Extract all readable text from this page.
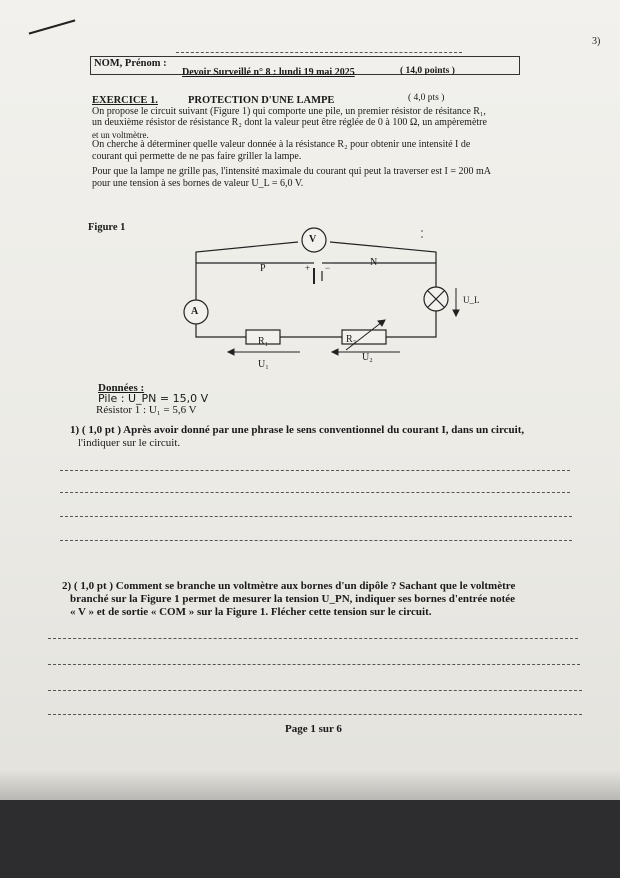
3)
NOM, Prénom :
Devoir Surveillé n° 8 : lundi 19 mai 2025	( 14,0 points )
EXERCICE 1.	PROTECTION D'UNE LAMPE	( 4,0 pts )
On propose le circuit suivant (Figure 1) qui comporte une pile, un premier résistor de résitance R₁,
un deuxième résistor de résistance R₂ dont la valeur peut être réglée de 0 à 100 Ω, un ampèremètre
et un voltmètre.
On cherche à déterminer quelle valeur donnée à la résistance R₂ pour obtenir une intensité I de
courant qui permette de ne pas faire griller la lampe.
Pour que la lampe ne grille pas, l'intensité maximale du courant qui peut la traverser est I = 200 mA
pour une tension à ses bornes de valeur U_L = 6,0 V.
Figure 1
V
P	+ −	N
A
U_L
R₁	R₂
U₁
U₂
Données :
Pile : U_PN = 15,0 V
Résistor 1 : U₁ = 5,6 V
1) ( 1,0 pt ) Après avoir donné par une phrase le sens conventionnel du courant I, dans un circuit,
l'indiquer sur le circuit.
2) ( 1,0 pt ) Comment se branche un voltmètre aux bornes d'un dipôle ? Sachant que le voltmètre
branché sur la Figure 1 permet de mesurer la tension U_PN, indiquer ses bornes d'entrée notée
« V » et de sortie « COM » sur la Figure 1. Flécher cette tension sur le circuit.
Page 1 sur 6
